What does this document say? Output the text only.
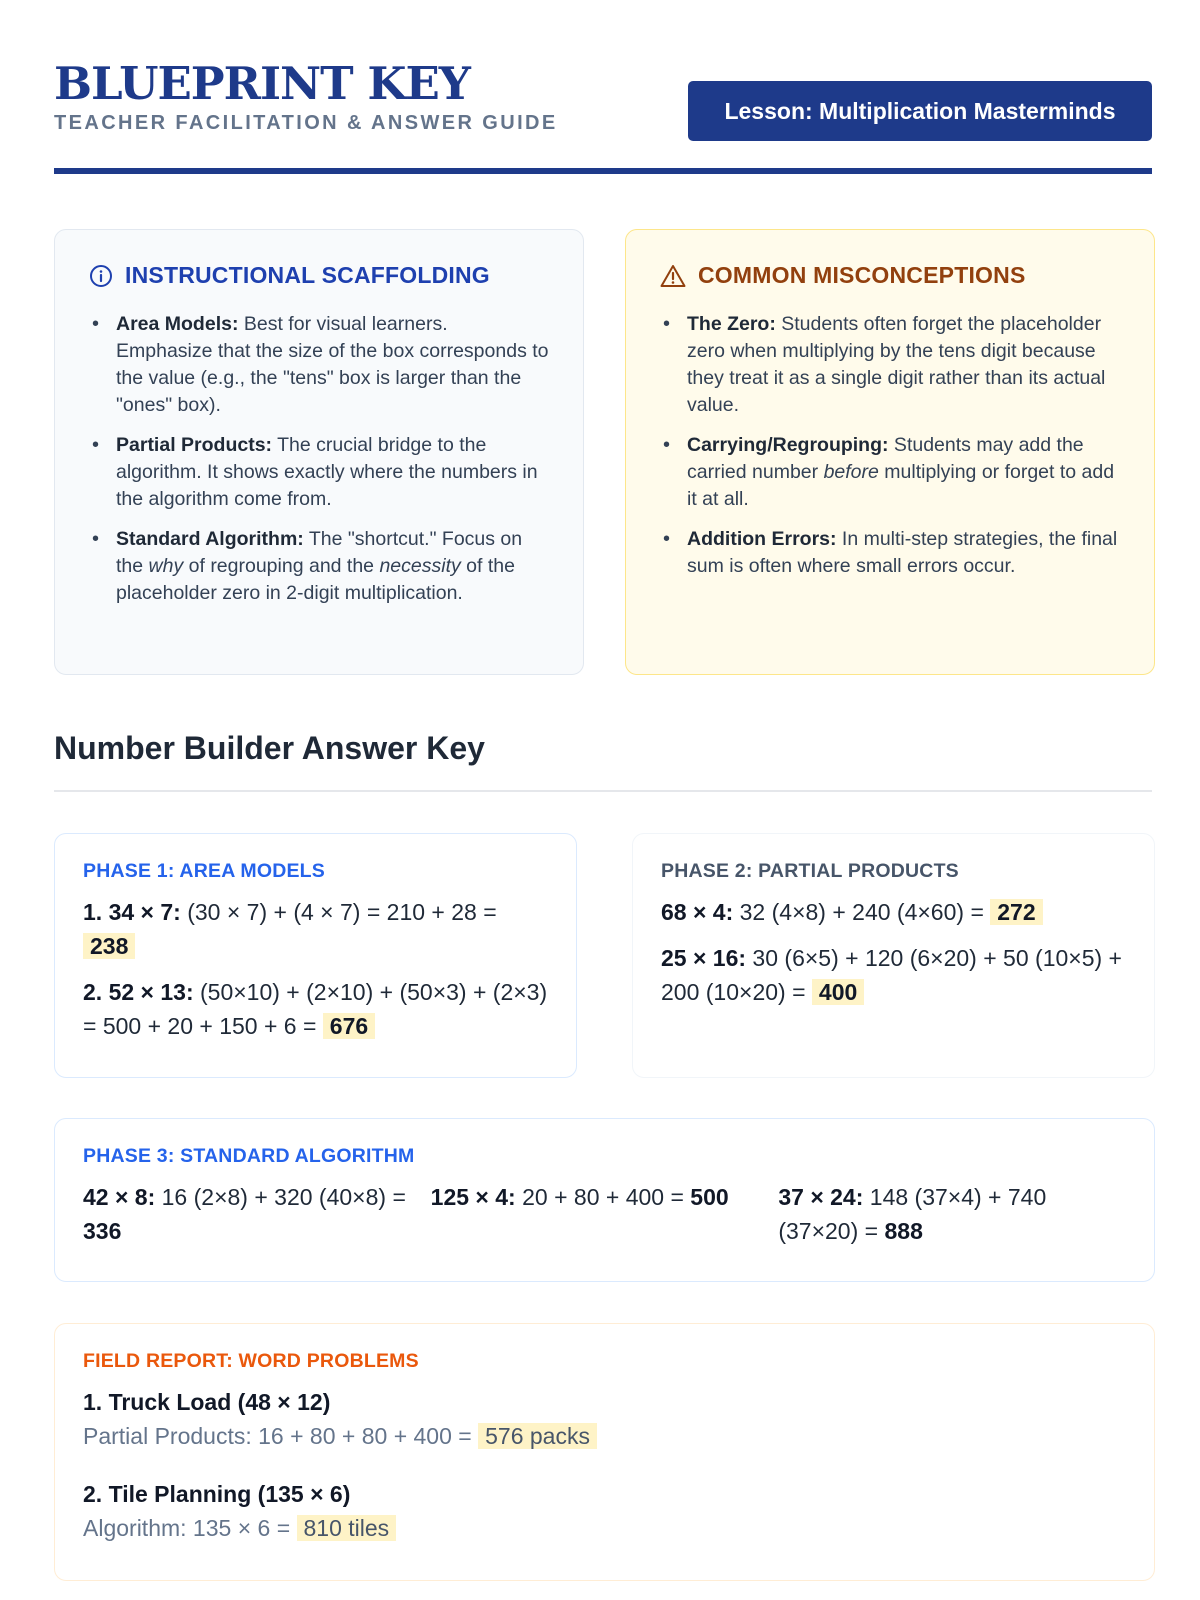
BLUEPRINT KEY
TEACHER FACILITATION & ANSWER GUIDE	Lesson: Multiplication Masterminds
INSTRUCTIONAL SCAFFOLDING
• Area Models: Best for visual learners. Emphasize that the size of the box corresponds to the value (e.g., the "tens" box is larger than the "ones" box).
• Partial Products: The crucial bridge to the algorithm. It shows exactly where the numbers in the algorithm come from.
• Standard Algorithm: The "shortcut." Focus on the why of regrouping and the necessity of the placeholder zero in 2-digit multiplication.
COMMON MISCONCEPTIONS
• The Zero: Students often forget the placeholder zero when multiplying by the tens digit because they treat it as a single digit rather than its actual value.
• Carrying/Regrouping: Students may add the carried number before multiplying or forget to add it at all.
• Addition Errors: In multi-step strategies, the final sum is often where small errors occur.
Number Builder Answer Key
PHASE 1: AREA MODELS
1. 34 × 7: (30 × 7) + (4 × 7) = 210 + 28 = 238
2. 52 × 13: (50×10) + (2×10) + (50×3) + (2×3) = 500 + 20 + 150 + 6 = 676
PHASE 2: PARTIAL PRODUCTS
68 × 4: 32 (4×8) + 240 (4×60) = 272
25 × 16: 30 (6×5) + 120 (6×20) + 50 (10×5) + 200 (10×20) = 400
PHASE 3: STANDARD ALGORITHM
42 × 8: 16 (2×8) + 320 (40×8) = 336
125 × 4: 20 + 80 + 400 = 500	37 × 24: 148 (37×4) + 740 (37×20) = 888
FIELD REPORT: WORD PROBLEMS
1. Truck Load (48 × 12)
Partial Products: 16 + 80 + 80 + 400 = 576 packs
2. Tile Planning (135 × 6)
Algorithm: 135 × 6 = 810 tiles
